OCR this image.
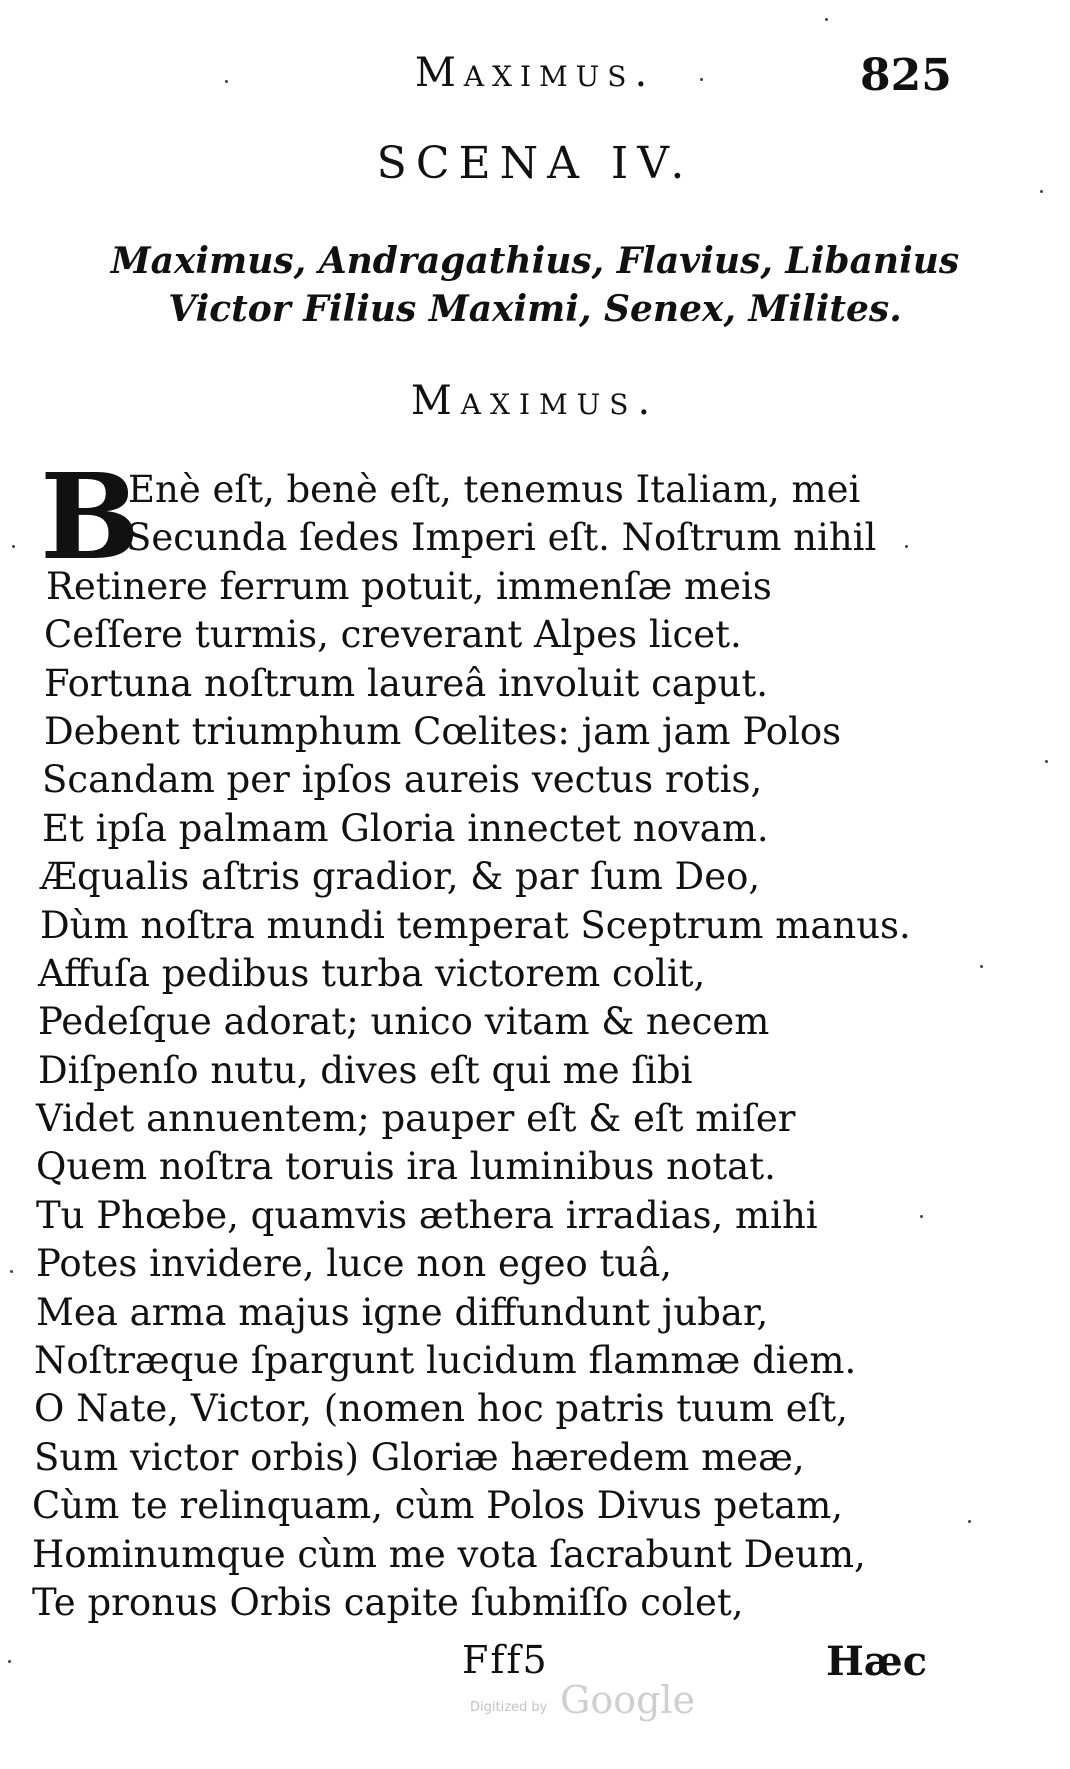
Maximus.	825
SCENA IV.
Maximus, Andragathius, Flavius, Libanius
Victor Filius Maximi, Senex, Milites.
Maximus.
B
Enè eſt, benè eſt, tenemus Italiam, mei
Secunda ſedes Imperi eſt. Noſtrum nihil
Retinere ferrum potuit, immenſæ meis
Ceſſere turmis, creverant Alpes licet.
Fortuna noſtrum laureâ involuit caput.
Debent triumphum Cœlites: jam jam Polos
Scandam per ipſos aureis vectus rotis,
Et ipſa palmam Gloria innectet novam.
Æqualis aſtris gradior, & par ſum Deo,
Dùm noſtra mundi temperat Sceptrum manus.
Affuſa pedibus turba victorem colit,
Pedeſque adorat; unico vitam & necem
Diſpenſo nutu, dives eſt qui me ſibi
Videt annuentem; pauper eſt & eſt miſer
Quem noſtra toruis ira luminibus notat.
Tu Phœbe, quamvis æthera irradias, mihi
Potes invidere, luce non egeo tuâ,
Mea arma majus igne diffundunt jubar,
Noſtræque ſpargunt lucidum flammæ diem.
O Nate, Victor, (nomen hoc patris tuum eſt,
Sum victor orbis) Gloriæ hæredem meæ,
Cùm te relinquam, cùm Polos Divus petam,
Hominumque cùm me vota ſacrabunt Deum,
Te pronus Orbis capite ſubmiſſo colet,
Fff5	Hæc
Digitized by Google
